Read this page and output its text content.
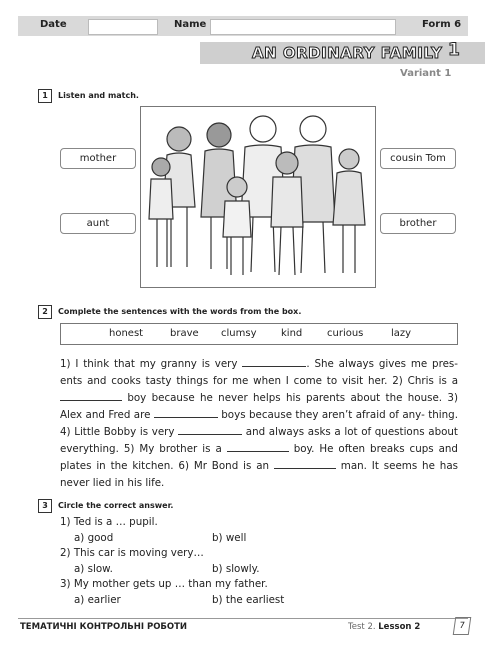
Date	Name	Form 6
AN ORDINARY FAMILY 1
Variant 1
1	Listen and match.
mother
aunt
cousin Tom
brother
2	Complete the sentences with the words from the box.
honest	brave clumsy kind curious	lazy
1) I think that my granny is very	. She always gives me pres- ents and cooks tasty things for me when I come to visit her. 2) Chris is a  boy because he never helps his parents about the house. 3) Alex and Fred are	boys because they aren’t afraid of any- thing. 4) Little Bobby is very	and always asks a lot of questions about everything. 5) My brother is a	boy. He often breaks cups and plates in the kitchen. 6) Mr Bond is an	man. It seems he has never lied in his life.
3	Circle the correct answer.
1) Ted is a … pupil.
a) good	b) well
2) This car is moving very…
a) slow.	b) slowly.
3) My mother gets up … than my father.
a) earlier	b) the earliest
ТЕМАТИЧНІ КОНТРОЛЬНІ РОБОТИ	Test 2. Lesson 2	7
